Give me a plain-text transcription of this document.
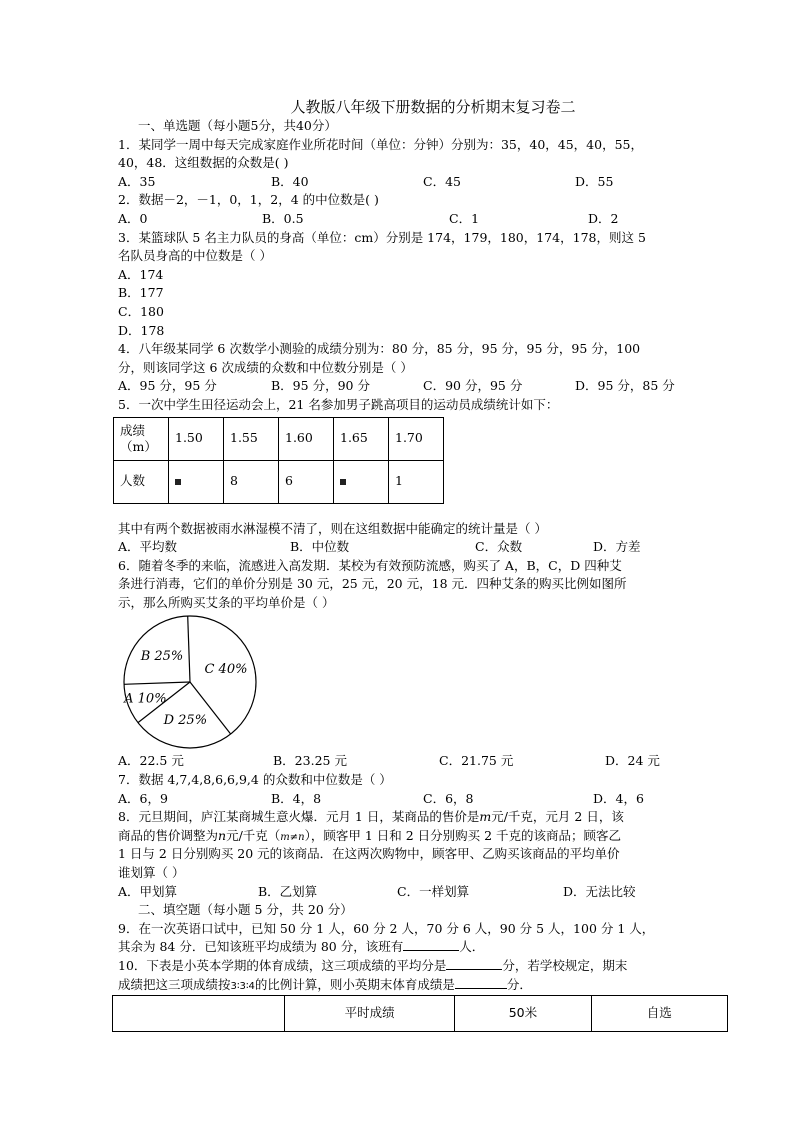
人教版八年级下册数据的分析期末复习卷二
一、单选题（每小题5分，共40分）
1．某同学一周中每天完成家庭作业所花时间（单位：分钟）分别为：35，40，45，40，55，
40，48．这组数据的众数是( )
A．35	B．40	C．45	D．55
2．数据－2，－1，0，1，2，4 的中位数是( )
A．0	B．0.5	C．1	D．2
3．某篮球队 5 名主力队员的身高（单位：cm）分别是 174，179，180，174，178，则这 5
名队员身高的中位数是（ ）
A．174
B．177
C．180
D．178
4．八年级某同学 6 次数学小测验的成绩分别为：80 分，85 分，95 分，95 分，95 分，100
分，则该同学这 6 次成绩的众数和中位数分别是（ ）
A．95 分，95 分	B．95 分，90 分	C．90 分，95 分	D．95 分，85 分
5．一次中学生田径运动会上，21 名参加男子跳高项目的运动员成绩统计如下：
成绩
（m）	1.50	1.55	1.60	1.65	1.70
人数		8	6		1
其中有两个数据被雨水淋湿模不清了，则在这组数据中能确定的统计量是（ ）
A．平均数	B．中位数	C．众数	D．方差
6．随着冬季的来临，流感进入高发期．某校为有效预防流感，购买了 A，B，C，D 四种艾
条进行消毒，它们的单价分别是 30 元，25 元，20 元，18 元．四种艾条的购买比例如图所
示，那么所购买艾条的平均单价是（ ）
B 25%
C 40%
D 25%
A 10%
A．22.5 元	B．23.25 元	C．21.75 元	D．24 元
7．数据 4,7,4,8,6,6,9,4 的众数和中位数是（ ）
A．6，9	B．4，8	C．6，8	D．4，6
8．元旦期间，庐江某商城生意火爆．元月 1 日，某商品的售价是m元/千克，元月 2 日，该
商品的售价调整为n元/千克（m≠n），顾客甲 1 日和 2 日分别购买 2 千克的该商品；顾客乙
1 日与 2 日分别购买 20 元的该商品．在这两次购物中，顾客甲、乙购买该商品的平均单价
谁划算（ ）
A．甲划算	B．乙划算	C．一样划算	D．无法比较
二、填空题（每小题 5 分，共 20 分）
9．在一次英语口试中，已知 50 分 1 人，60 分 2 人，70 分 6 人，90 分 5 人，100 分 1 人，
其余为 84 分．已知该班平均成绩为 80 分，该班有	人．
10．下表是小英本学期的体育成绩，这三项成绩的平均分是	分，若学校规定，期末
成绩把这三项成绩按3∶3∶4的比例计算，则小英期末体育成绩是	分．
	平时成绩	50米	自选
